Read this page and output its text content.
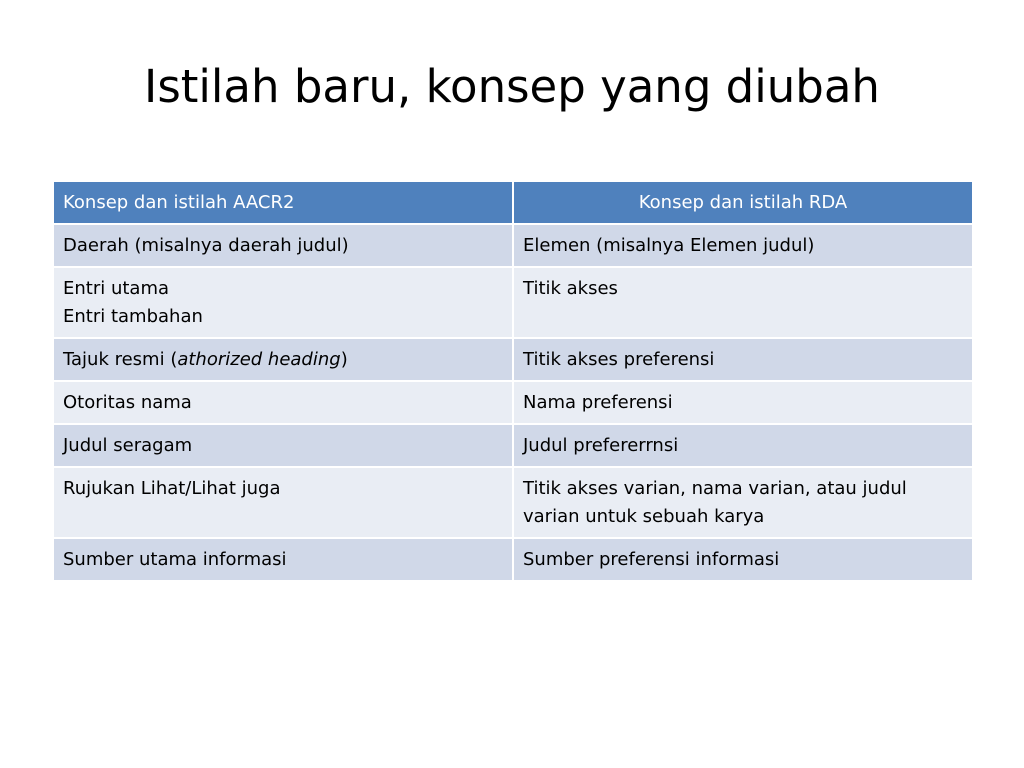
Istilah baru, konsep yang diubah
Konsep dan istilah AACR2	Konsep dan istilah RDA

Daerah (misalnya daerah judul)	Elemen (misalnya Elemen judul)

Entri utama
Entri tambahan	Titik akses

Tajuk resmi (athorized heading)	Titik akses preferensi

Otoritas nama	Nama preferensi

Judul seragam	Judul prefererrnsi

Rujukan Lihat/Lihat juga	Titik akses varian, nama varian, atau judul
varian untuk sebuah karya

Sumber utama informasi	Sumber preferensi informasi
